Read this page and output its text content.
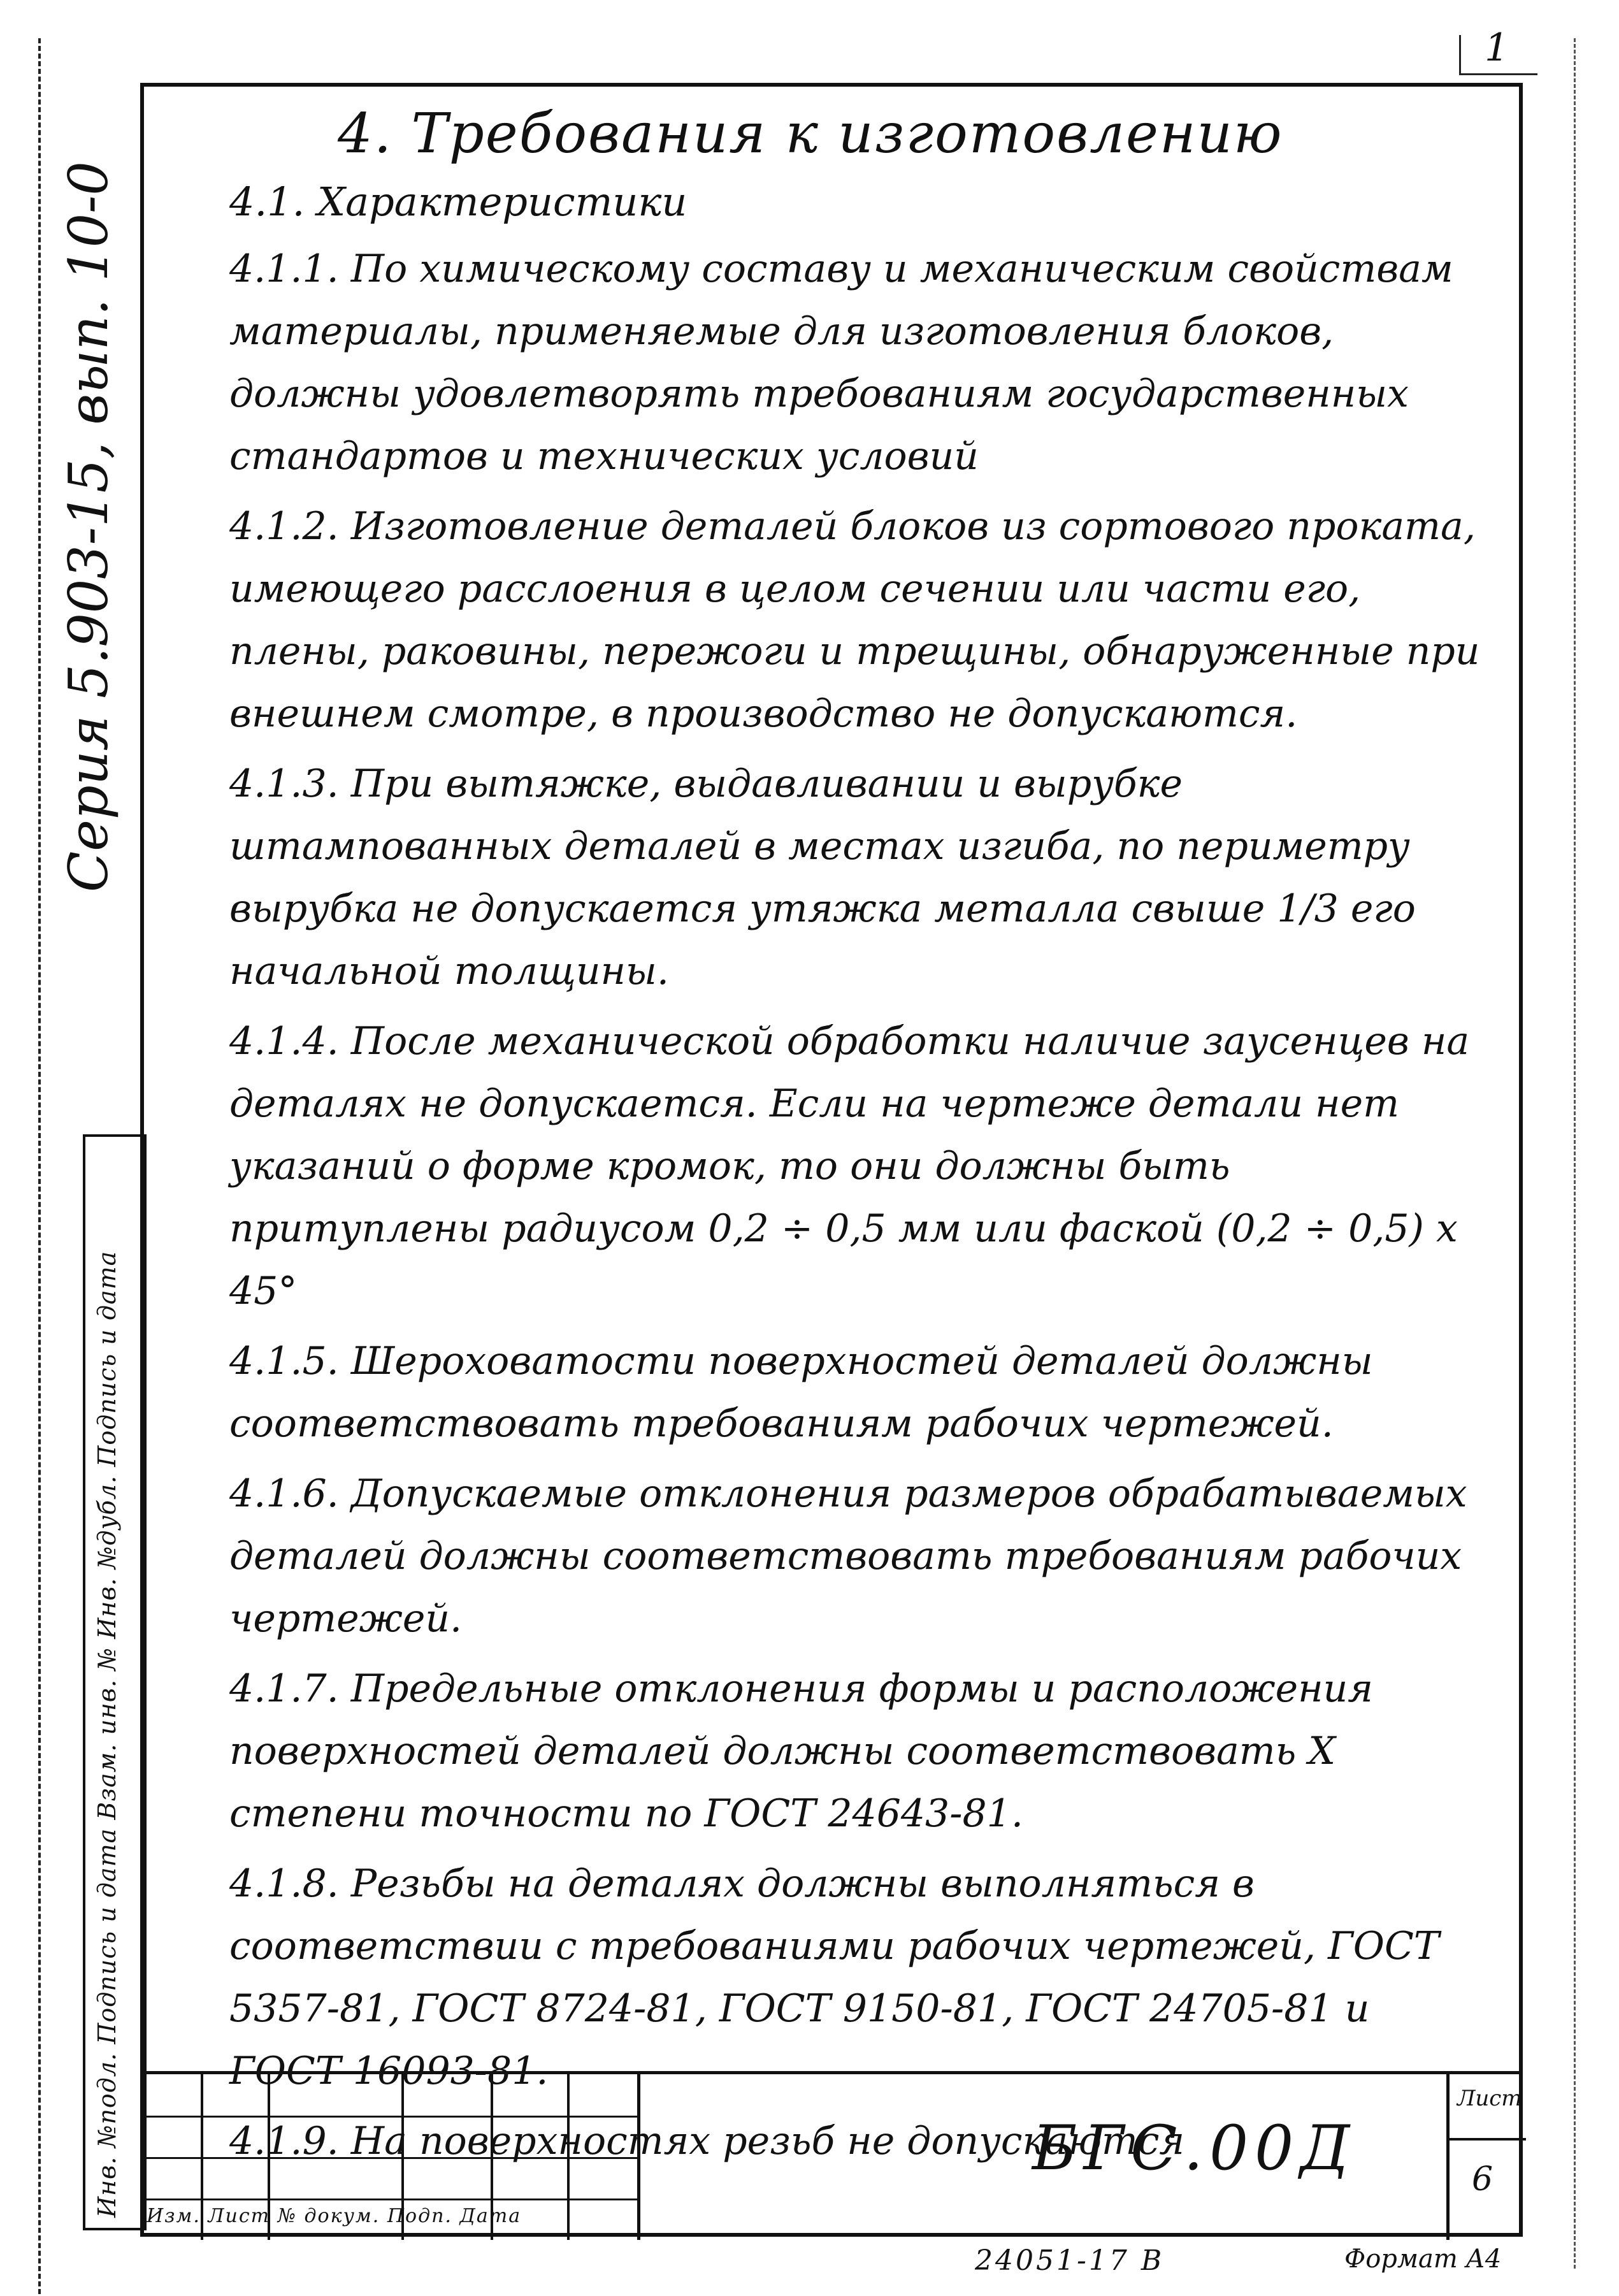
1
Серия 5.903-15, вып. 10-0
Инв. №подл. Подпись и дата Взам. инв. № Инв. №дубл. Подпись и дата
4. Требования к изготовлению
4.1. Характеристики

4.1.1. По химическому составу и механическим свойствам материалы, применяемые для изготовления блоков, должны удовлетворять требованиям государственных стандартов и технических условий

4.1.2. Изготовление деталей блоков из сортового проката, имеющего расслоения в целом сечении или части его, плены, раковины, пережоги и трещины, обнаруженные при внешнем смотре, в производство не допускаются.

4.1.3. При вытяжке, выдавливании и вырубке штампованных деталей в местах изгиба, по периметру вырубка не допускается утяжка металла свыше 1/3 его начальной толщины.

4.1.4. После механической обработки наличие заусенцев на деталях не допускается. Если на чертеже детали нет указаний о форме кромок, то они должны быть притуплены радиусом 0,2 ÷ 0,5 мм или фаской (0,2 ÷ 0,5) x 45°

4.1.5. Шероховатости поверхностей деталей должны соответствовать требованиям рабочих чертежей.

4.1.6. Допускаемые отклонения размеров обрабатываемых деталей должны соответствовать требованиям рабочих чертежей.

4.1.7. Предельные отклонения формы и расположения поверхностей деталей должны соответствовать X степени точности по ГОСТ 24643-81.

4.1.8. Резьбы на деталях должны выполняться в соответствии с требованиями рабочих чертежей, ГОСТ 5357-81, ГОСТ 8724-81, ГОСТ 9150-81, ГОСТ 24705-81 и ГОСТ 16093-81.

4.1.9. На поверхностях резьб не допускаются

Изм. Лист № докум. Подп. Дата
БГС.00Д
Лист
6
24051-17 В	Формат А4
